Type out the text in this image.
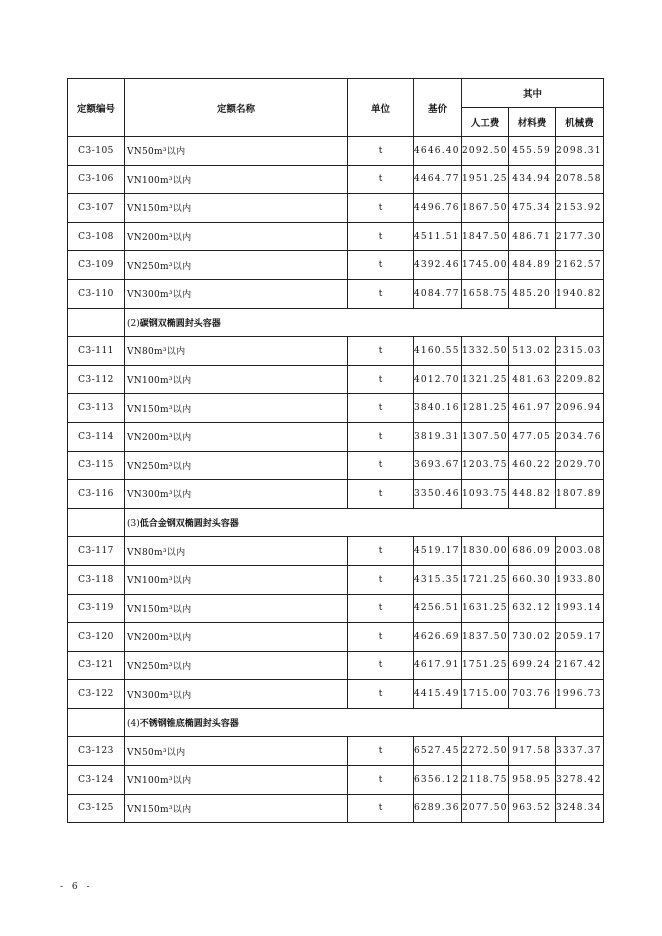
定额编号	定额名称	单位	基价	其中		
				人工费	材料费	机械费
C3-105	VN50m³以内	t	4646.40	2092.50	455.59	2098.31
C3-106	VN100m³以内	t	4464.77	1951.25	434.94	2078.58
C3-107	VN150m³以内	t	4496.76	1867.50	475.34	2153.92
C3-108	VN200m³以内	t	4511.51	1847.50	486.71	2177.30
C3-109	VN250m³以内	t	4392.46	1745.00	484.89	2162.57
C3-110	VN300m³以内	t	4084.77	1658.75	485.20	1940.82
	(2)碳钢双椭圆封头容器					
C3-111	VN80m³以内	t	4160.55	1332.50	513.02	2315.03
C3-112	VN100m³以内	t	4012.70	1321.25	481.63	2209.82
C3-113	VN150m³以内	t	3840.16	1281.25	461.97	2096.94
C3-114	VN200m³以内	t	3819.31	1307.50	477.05	2034.76
C3-115	VN250m³以内	t	3693.67	1203.75	460.22	2029.70
C3-116	VN300m³以内	t	3350.46	1093.75	448.82	1807.89
	(3)低合金钢双椭圆封头容器					
C3-117	VN80m³以内	t	4519.17	1830.00	686.09	2003.08
C3-118	VN100m³以内	t	4315.35	1721.25	660.30	1933.80
C3-119	VN150m³以内	t	4256.51	1631.25	632.12	1993.14
C3-120	VN200m³以内	t	4626.69	1837.50	730.02	2059.17
C3-121	VN250m³以内	t	4617.91	1751.25	699.24	2167.42
C3-122	VN300m³以内	t	4415.49	1715.00	703.76	1996.73
	(4)不锈钢锥底椭圆封头容器					
C3-123	VN50m³以内	t	6527.45	2272.50	917.58	3337.37
C3-124	VN100m³以内	t	6356.12	2118.75	958.95	3278.42
C3-125	VN150m³以内	t	6289.36	2077.50	963.52	3248.34
- 6 -
